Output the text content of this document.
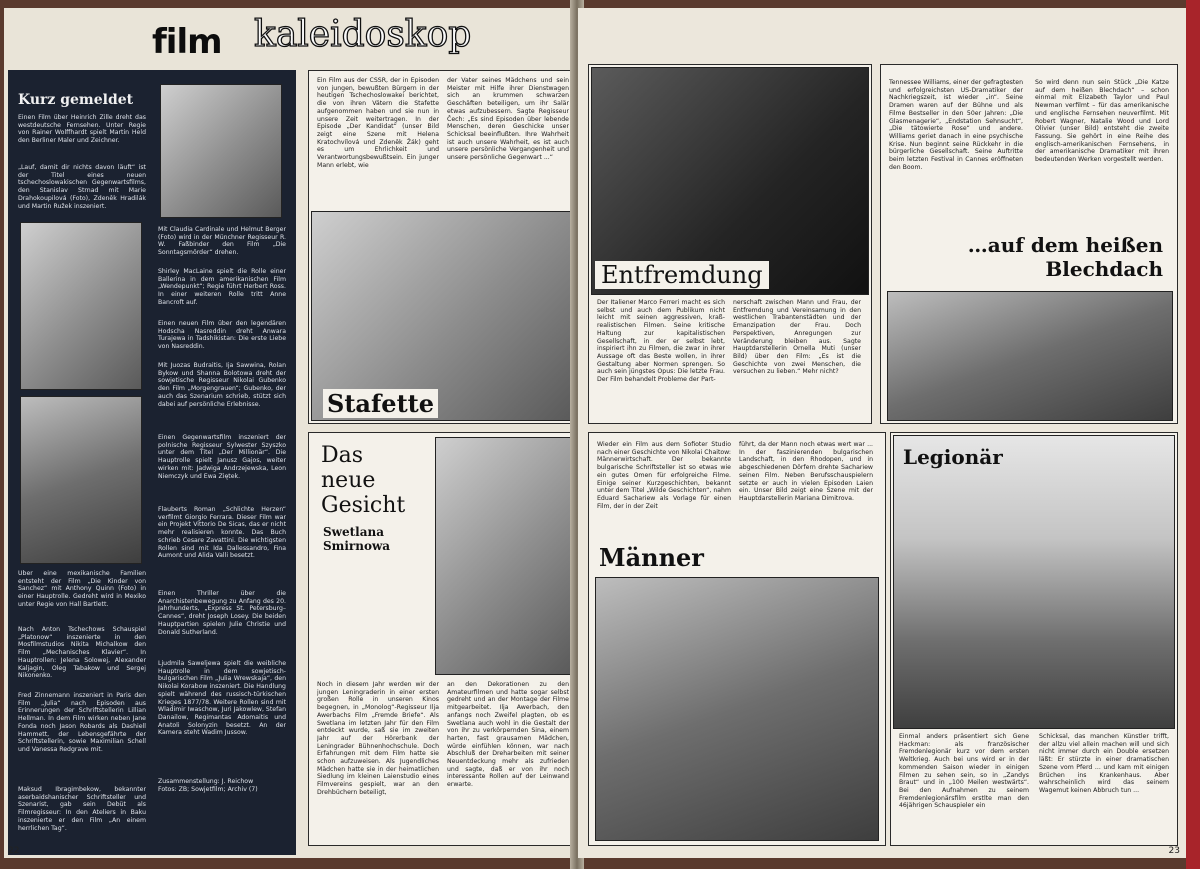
film kaleidoskop
Kurz gemeldet
Einen Film über Heinrich Zille dreht das westdeutsche Fernsehen. Unter Regie von Rainer Wolffhardt spielt Martin Held den Berliner Maler und Zeichner.
„Lauf, damit dir nichts davon läuft“ ist der Titel eines neuen tschechoslowakischen Gegenwartsfilms, den Stanislav Strnad mit Marie Drahokoupilová (Foto), Zdeněk Hradilák und Martin Ružek inszeniert.
Über eine mexikanische Familien entsteht der Film „Die Kinder von Sanchez“ mit Anthony Quinn (Foto) in einer Hauptrolle. Gedreht wird in Mexiko unter Regie von Hall Bartlett.
Nach Anton Tschechows Schauspiel „Platonow“ inszenierte in den Mosfilmstudios Nikita Michalkow den Film „Mechanisches Klavier“. In Hauptrollen: Jelena Solowej, Alexander Kaljagin, Oleg Tabakow und Sergej Nikonenko.
Fred Zinnemann inszeniert in Paris den Film „Julia“ nach Episoden aus Erinnerungen der Schriftstellerin Lillian Hellman. In dem Film wirken neben Jane Fonda noch Jason Robards als Dashiell Hammett, der Lebensgefährte der Schriftstellerin, sowie Maximilian Schell und Vanessa Redgrave mit.
Maksud Ibragimbekow, bekannter aserbaidshanischer Schriftsteller und Szenarist, gab sein Debüt als Filmregisseur: In den Ateliers in Baku inszenierte er den Film „An einem herrlichen Tag“.
Mit Claudia Cardinale und Helmut Berger (Foto) wird in der Münchner Regisseur R. W. Faßbinder den Film „Die Sonntagsmörder“ drehen.
Shirley MacLaine spielt die Rolle einer Ballerina in dem amerikanischen Film „Wendepunkt“; Regie führt Herbert Ross. In einer weiteren Rolle tritt Anne Bancroft auf.
Einen neuen Film über den legendären Hodscha Nasreddin dreht Anwara Turajewa in Tadshikistan: Die erste Liebe von Nasreddin.
Mit Juozas Budraitis, Ija Sawwina, Rolan Bykow und Shanna Bolotowa dreht der sowjetische Regisseur Nikolai Gubenko den Film „Morgengrauen“; Gubenko, der auch das Szenarium schrieb, stützt sich dabei auf persönliche Erlebnisse.
Einen Gegenwartsfilm inszeniert der polnische Regisseur Sylwester Szyszko unter dem Titel „Der Millionär“. Die Hauptrolle spielt Janusz Gajos, weiter wirken mit: Jadwiga Andrzejewska, Leon Niemczyk und Ewa Ziętek.
Flauberts Roman „Schlichte Herzen“ verfilmt Giorgio Ferrara. Dieser Film war ein Projekt Vittorio De Sicas, das er nicht mehr realisieren konnte. Das Buch schrieb Cesare Zavattini. Die wichtigsten Rollen sind mit Ida Dallessandro, Fina Aumont und Alida Valli besetzt.
Einen Thriller über die Anarchistenbewegung zu Anfang des 20. Jahrhunderts, „Express St. Petersburg–Cannes“, dreht Joseph Losey. Die beiden Hauptpartien spielen Julie Christie und Donald Sutherland.
Ljudmila Saweljewa spielt die weibliche Hauptrolle in dem sowjetisch-bulgarischen Film „Julia Wrewskaja“, den Nikolai Korabow inszeniert. Die Handlung spielt während des russisch-türkischen Krieges 1877/78. Weitere Rollen sind mit Wladimir Iwaschow, Juri Jakowlew, Stefan Danailow, Regimantas Adomaitis und Anatoli Solonyzin besetzt. An der Kamera steht Wadim Jussow.
Zusammenstellung: J. Reichow
Fotos: ZB; Sowjetfilm; Archiv (7)
Ein Film aus der ČSSR, der in Episoden von jungen, bewußten Bürgern in der heutigen Tschechoslowakei berichtet, die von ihren Vätern die Stafette aufgenommen haben und sie nun in unsere Zeit weitertragen. In der Episode „Der Kandidat“ (unser Bild zeigt eine Szene mit Helena Kratochvílová und Zdeněk Žák) geht es um Ehrlichkeit und Verantwortungsbewußtsein. Ein junger Mann erlebt, wie
der Vater seines Mädchens und sein Meister mit Hilfe ihrer Dienstwagen sich an krummen schwarzen Geschäften beteiligen, um ihr Salär etwas aufzubessern. Sagte Regisseur Čech: „Es sind Episoden über lebende Menschen, deren Geschicke unser Schicksal beeinflußten. Ihre Wahrheit ist auch unsere Wahrheit, es ist auch unsere persönliche Vergangenheit und unsere persönliche Gegenwart ...“
Stafette
Das
neue
Gesicht
Swetlana
Smirnowa
Noch in diesem Jahr werden wir der jungen Leningraderin in einer ersten großen Rolle in unseren Kinos begegnen, in „Monolog“-Regisseur Ilja Awerbachs Film „Fremde Briefe“. Als Swetlana im letzten Jahr für den Film entdeckt wurde, saß sie im zweiten Jahr auf der Hörerbank der Leningrader Bühnenhochschule. Doch Erfahrungen mit dem Film hatte sie schon aufzuweisen. Als Jugendliches Mädchen hatte sie in der heimatlichen Siedlung im kleinen Laienstudio eines Filmvereins gespielt, war an den Drehbüchern beteiligt,
an den Dekorationen zu den Amateurfilmen und hatte sogar selbst gedreht und an der Montage der Filme mitgearbeitet. Ilja Awerbach, den anfangs noch Zweifel plagten, ob es Swetlana auch wohl in die Gestalt der von ihr zu verkörpernden Sina, einem harten, fast grausamen Mädchen, würde einfühlen können, war nach Abschluß der Dreharbeiten mit seiner Neuentdeckung mehr als zufrieden und sagte, daß er von ihr noch interessante Rollen auf der Leinwand erwarte.
22
Entfremdung
Der Italiener Marco Ferreri macht es sich selbst und auch dem Publikum nicht leicht mit seinen aggressiven, kraß-realistischen Filmen. Seine kritische Haltung zur kapitalistischen Gesellschaft, in der er selbst lebt, inspiriert ihn zu Filmen, die zwar in ihrer Aussage oft das Beste wollen, in ihrer Gestaltung aber Normen sprengen. So auch sein jüngstes Opus: Die letzte Frau. Der Film behandelt Probleme der Part-
nerschaft zwischen Mann und Frau, der Entfremdung und Vereinsamung in den westlichen Trabantenstädten und der Emanzipation der Frau. Doch Perspektiven, Anregungen zur Veränderung bleiben aus. Sagte Hauptdarstellerin Ornella Muti (unser Bild) über den Film: „Es ist die Geschichte von zwei Menschen, die versuchen zu lieben.“ Mehr nicht?
Tennessee Williams, einer der gefragtesten und erfolgreichsten US-Dramatiker der Nachkriegszeit, ist wieder „in“. Seine Dramen waren auf der Bühne und als Filme Bestseller in den 50er Jahren: „Die Glasmenagerie“, „Endstation Sehnsucht“, „Die tätowierte Rose“ und andere. Williams geriet danach in eine psychische Krise. Nun beginnt seine Rückkehr in die bürgerliche Gesellschaft. Seine Auftritte beim letzten Festival in Cannes eröffneten den Boom.
So wird denn nun sein Stück „Die Katze auf dem heißen Blechdach“ – schon einmal mit Elizabeth Taylor und Paul Newman verfilmt – für das amerikanische und englische Fernsehen neuverfilmt. Mit Robert Wagner, Natalie Wood und Lord Olivier (unser Bild) entsteht die zweite Fassung. Sie gehört in eine Reihe des englisch-amerikanischen Fernsehens, in der amerikanische Dramatiker mit ihren bedeutenden Werken vorgestellt werden.
…auf dem heißen
Blechdach
Wieder ein Film aus dem Sofioter Studio nach einer Geschichte von Nikolai Chaitow: Männerwirtschaft. Der bekannte bulgarische Schriftsteller ist so etwas wie ein gutes Omen für erfolgreiche Filme. Einige seiner Kurzgeschichten, bekannt unter dem Titel „Wilde Geschichten“, nahm Eduard Sachariew als Vorlage für einen Film, der in der Zeit
führt, da der Mann noch etwas wert war ... In der faszinierenden bulgarischen Landschaft, in den Rhodopen, und in abgeschiedenen Dörfern drehte Sachariew seinen Film. Neben Berufsschauspielern setzte er auch in vielen Episoden Laien ein. Unser Bild zeigt eine Szene mit der Hauptdarstellerin Mariana Dimitrova.
Männer
Legionär
Einmal anders präsentiert sich Gene Hackman: als französischer Fremdenlegionär kurz vor dem ersten Weltkrieg. Auch bei uns wird er in der kommenden Saison wieder in einigen Filmen zu sehen sein, so in „Zandys Braut“ und in „100 Meilen westwärts“. Bei den Aufnahmen zu seinem Fremdenlegionärsfilm erstlte man den 46jährigen Schauspieler ein
Schicksal, das manchen Künstler trifft, der allzu viel allein machen will und sich nicht immer durch ein Double ersetzen läßt: Er stürzte in einer dramatischen Szene vom Pferd ... und kam mit einigen Brüchen ins Krankenhaus. Aber wahrscheinlich wird das seinem Wagemut keinen Abbruch tun ...
23
